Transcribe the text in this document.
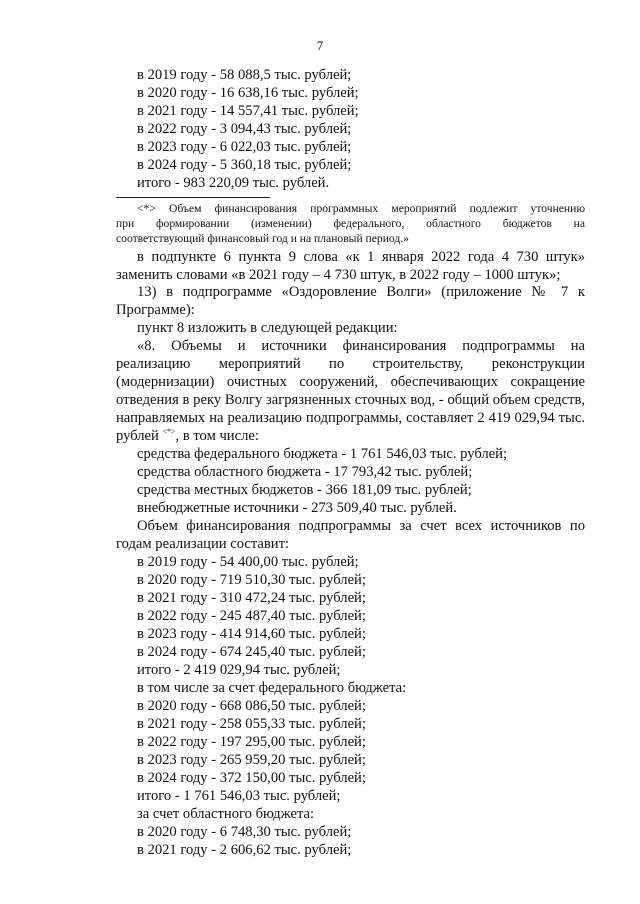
7
в 2019 году - 58 088,5 тыс. рублей;
в 2020 году - 16 638,16 тыс. рублей;
в 2021 году - 14 557,41 тыс. рублей;
в 2022 году - 3 094,43 тыс. рублей;
в 2023 году - 6 022,03 тыс. рублей;
в 2024 году - 5 360,18 тыс. рублей;
итого - 983 220,09 тыс. рублей.
<*> Объем финансирования программных мероприятий подлежит уточнению
при формировании (изменении) федерального, областного бюджетов на
соответствующий финансовый год и на плановый период.»
в подпункте 6 пункта 9 слова «к 1 января 2022 года 4 730 штук»
заменить словами «в 2021 году – 4 730 штук, в 2022 году – 1000 штук»;
13) в подпрограмме «Оздоровление Волги» (приложение № 7 к
Программе):
пункт 8 изложить в следующей редакции:
«8. Объемы и источники финансирования подпрограммы на
реализацию мероприятий по строительству, реконструкции
(модернизации) очистных сооружений, обеспечивающих сокращение
отведения в реку Волгу загрязненных сточных вод, - общий объем средств,
направляемых на реализацию подпрограммы, составляет 2 419 029,94 тыс.
рублей <*>, в том числе:
средства федерального бюджета - 1 761 546,03 тыс. рублей;
средства областного бюджета - 17 793,42 тыс. рублей;
средства местных бюджетов - 366 181,09 тыс. рублей;
внебюджетные источники - 273 509,40 тыс. рублей.
Объем финансирования подпрограммы за счет всех источников по
годам реализации составит:
в 2019 году - 54 400,00 тыс. рублей;
в 2020 году - 719 510,30 тыс. рублей;
в 2021 году - 310 472,24 тыс. рублей;
в 2022 году - 245 487,40 тыс. рублей;
в 2023 году - 414 914,60 тыс. рублей;
в 2024 году - 674 245,40 тыс. рублей;
итого - 2 419 029,94 тыс. рублей;
в том числе за счет федерального бюджета:
в 2020 году - 668 086,50 тыс. рублей;
в 2021 году - 258 055,33 тыс. рублей;
в 2022 году - 197 295,00 тыс. рублей;
в 2023 году - 265 959,20 тыс. рублей;
в 2024 году - 372 150,00 тыс. рублей;
итого - 1 761 546,03 тыс. рублей;
за счет областного бюджета:
в 2020 году - 6 748,30 тыс. рублей;
в 2021 году - 2 606,62 тыс. рублей;
